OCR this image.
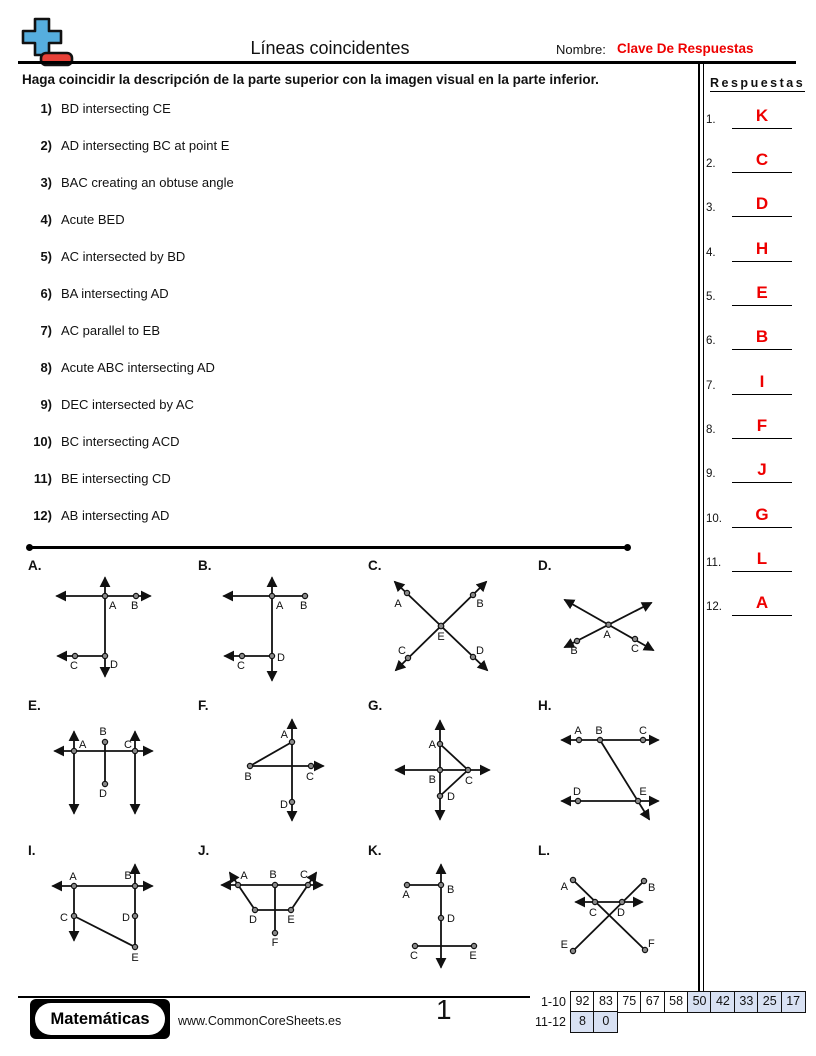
Líneas coincidentes	Nombre: Clave De Respuestas
Haga coincidir la descripción de la parte superior con la imagen visual en la parte inferior.
1) BD intersecting CE
2) AD intersecting BC at point E
3) BAC creating an obtuse angle
4) Acute BED
5) AC intersected by BD
6) BA intersecting AD
7) AC parallel to EB
8) Acute ABC intersecting AD
9) DEC intersected by AC
10) BC intersecting ACD
11) BE intersecting CD
12) AB intersecting AD
Respuestas
1.	K
2.	C
3.	D
4.	H
5.	E
6.	B
7.	I
8.	F
9.	J
10.	G
11.	L
12.	A
A.
A B
C	D
B.
A B
C
D
C.
A	B
C	D
E
D.
A
B	C
E.
A
B
C
D
F.
A
B	C
D
G.
A
B	C
D
H.
A B	C
D	E
I.
A	B
C	D
E
J.
A B C
D	E
F
K.
A	B
C
D
E
L.
A	B
C D
E	F
Matemáticas	www.CommonCoreSheets.es	1	1-10 92 83 75 67 58 50 42 33 25 17
11-12	8	0
